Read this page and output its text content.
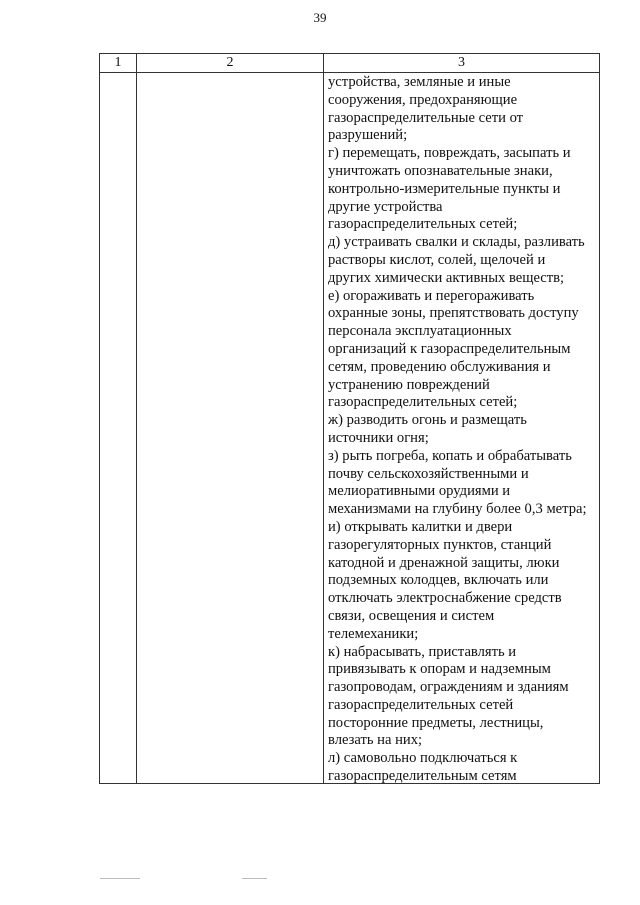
39
1	2	3
устройства, земляные и иные
сооружения, предохраняющие
газораспределительные сети от
разрушений;
г) перемещать, повреждать, засыпать и
уничтожать опознавательные знаки,
контрольно-измерительные пункты и
другие устройства
газораспределительных сетей;
д) устраивать свалки и склады, разливать
растворы кислот, солей, щелочей и
других химически активных веществ;
е) огораживать и перегораживать
охранные зоны, препятствовать доступу
персонала эксплуатационных
организаций к газораспределительным
сетям, проведению обслуживания и
устранению повреждений
газораспределительных сетей;
ж) разводить огонь и размещать
источники огня;
з) рыть погреба, копать и обрабатывать
почву сельскохозяйственными и
мелиоративными орудиями и
механизмами на глубину более 0,3 метра;
и) открывать калитки и двери
газорегуляторных пунктов, станций
катодной и дренажной защиты, люки
подземных колодцев, включать или
отключать электроснабжение средств
связи, освещения и систем
телемеханики;
к) набрасывать, приставлять и
привязывать к опорам и надземным
газопроводам, ограждениям и зданиям
газораспределительных сетей
посторонние предметы, лестницы,
влезать на них;
л) самовольно подключаться к
газораспределительным сетям
